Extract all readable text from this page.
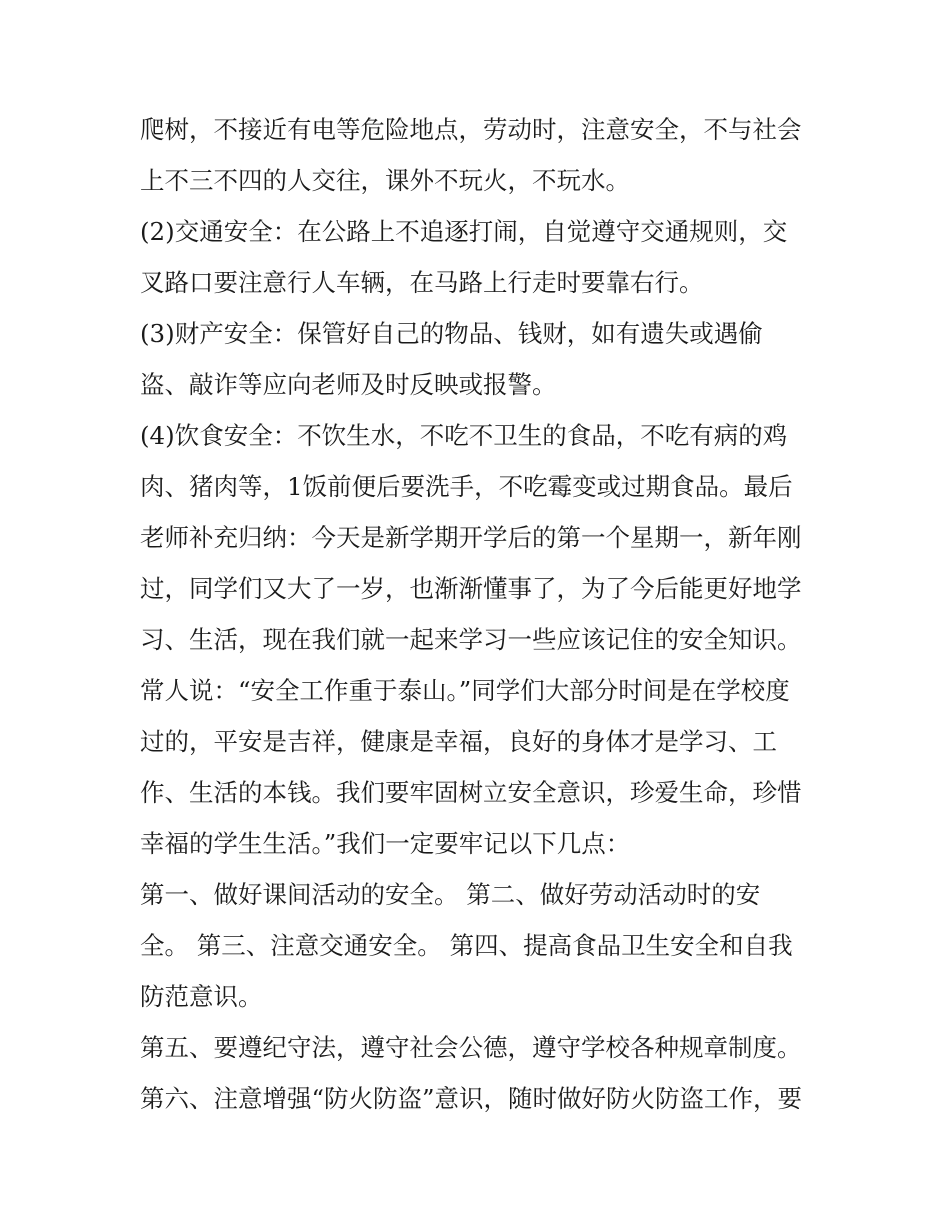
爬树，不接近有电等危险地点，劳动时，注意安全，不与社会
上不三不四的人交往，课外不玩火，不玩水。
(2)交通安全：在公路上不追逐打闹，自觉遵守交通规则，交
叉路口要注意行人车辆，在马路上行走时要靠右行。
(3)财产安全：保管好自己的物品、钱财，如有遗失或遇偷
盗、敲诈等应向老师及时反映或报警。
(4)饮食安全：不饮生水，不吃不卫生的食品，不吃有病的鸡
肉、猪肉等，1饭前便后要洗手，不吃霉变或过期食品。最后
老师补充归纳：今天是新学期开学后的第一个星期一，新年刚
过，同学们又大了一岁，也渐渐懂事了，为了今后能更好地学
习、生活，现在我们就一起来学习一些应该记住的安全知识。
常人说：“安全工作重于泰山。”同学们大部分时间是在学校度
过的，平安是吉祥，健康是幸福，良好的身体才是学习、工
作、生活的本钱。我们要牢固树立安全意识，珍爱生命，珍惜
幸福的学生生活。”我们一定要牢记以下几点：
第一、做好课间活动的安全。 第二、做好劳动活动时的安
全。 第三、注意交通安全。 第四、提高食品卫生安全和自我
防范意识。
第五、要遵纪守法，遵守社会公德，遵守学校各种规章制度。
第六、注意增强“防火防盗”意识，随时做好防火防盗工作，要
